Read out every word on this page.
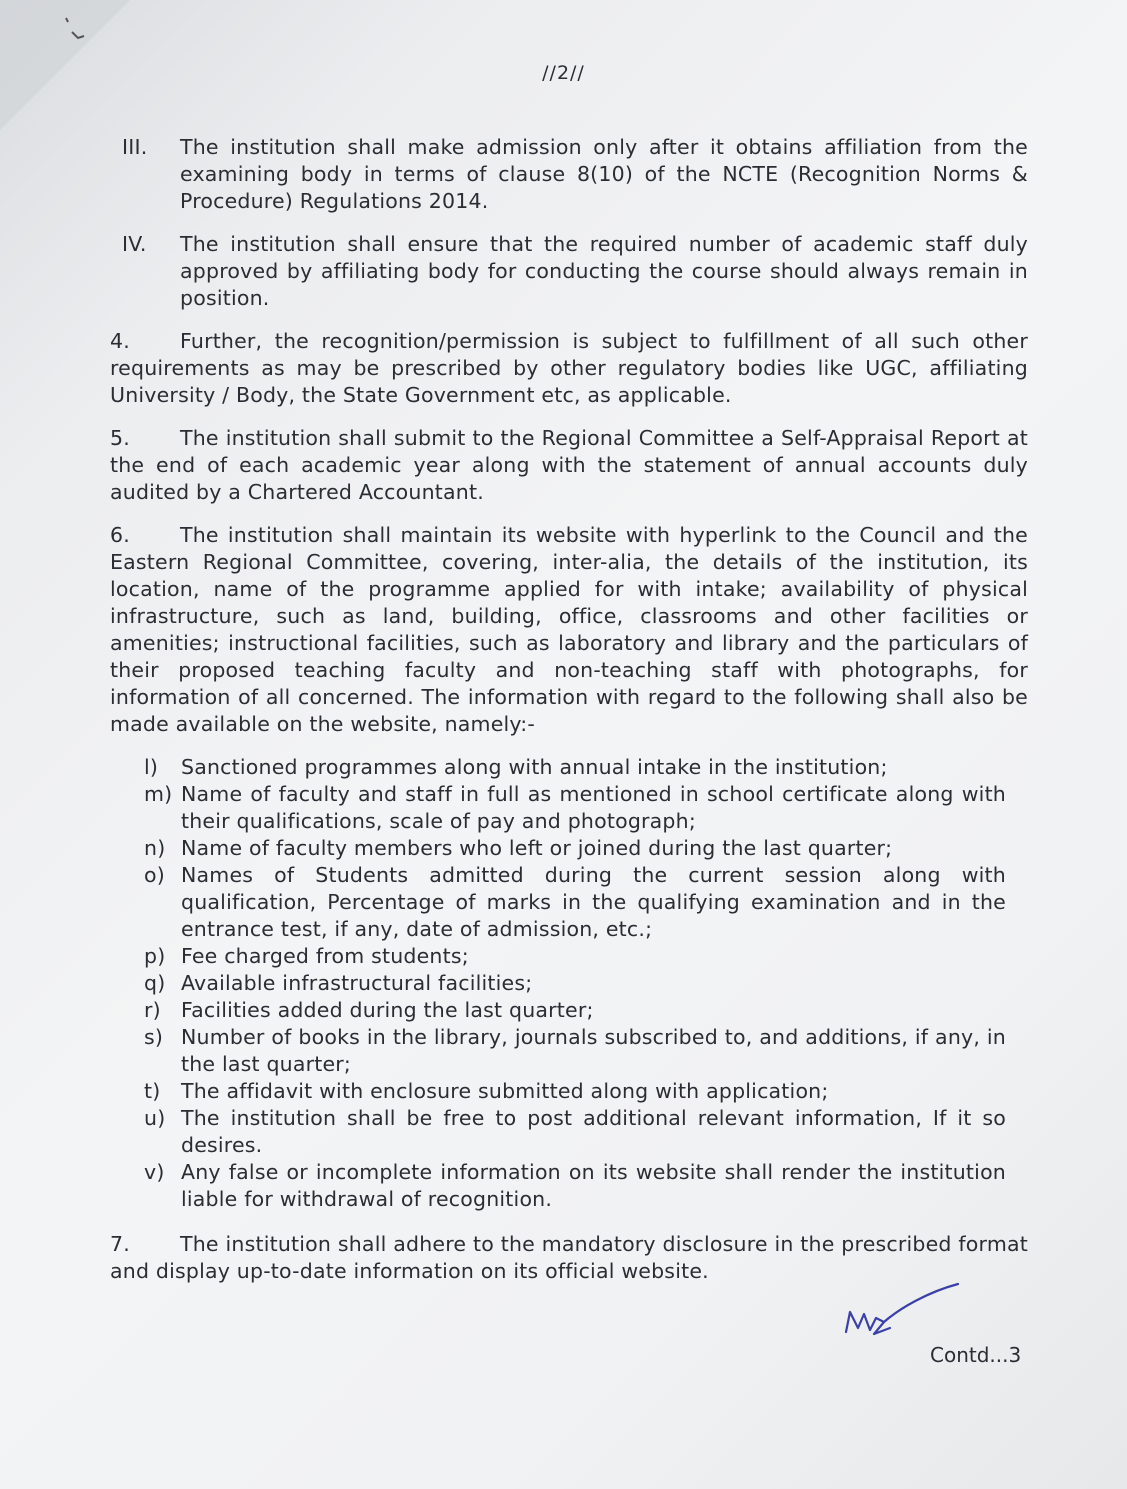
//2//
III.	The institution shall make admission only after it obtains affiliation from the examining body in terms of clause 8(10) of the NCTE (Recognition Norms & Procedure) Regulations 2014.
IV.	The institution shall ensure that the required number of academic staff duly approved by affiliating body for conducting the course should always remain in position.
4. Further, the recognition/permission is subject to fulfillment of all such other requirements as may be prescribed by other regulatory bodies like UGC, affiliating University / Body, the State Government etc, as applicable.
5. The institution shall submit to the Regional Committee a Self-Appraisal Report at the end of each academic year along with the statement of annual accounts duly audited by a Chartered Accountant.
6. The institution shall maintain its website with hyperlink to the Council and the Eastern Regional Committee, covering, inter-alia, the details of the institution, its location, name of the programme applied for with intake; availability of physical infrastructure, such as land, building, office, classrooms and other facilities or amenities; instructional facilities, such as laboratory and library and the particulars of their proposed teaching faculty and non-teaching staff with photographs, for information of all concerned. The information with regard to the following shall also be made available on the website, namely:-
l)	Sanctioned programmes along with annual intake in the institution;
m) Name of faculty and staff in full as mentioned in school certificate along with their qualifications, scale of pay and photograph;
n) Name of faculty members who left or joined during the last quarter;
o) Names of Students admitted during the current session along with qualification, Percentage of marks in the qualifying examination and in the entrance test, if any, date of admission, etc.;
p) Fee charged from students;
q) Available infrastructural facilities;
r) Facilities added during the last quarter;
s) Number of books in the library, journals subscribed to, and additions, if any, in the last quarter;
t)	The affidavit with enclosure submitted along with application;
u) The institution shall be free to post additional relevant information, If it so desires.
v) Any false or incomplete information on its website shall render the institution liable for withdrawal of recognition.
7. The institution shall adhere to the mandatory disclosure in the prescribed format and display up-to-date information on its official website.
Contd...3
